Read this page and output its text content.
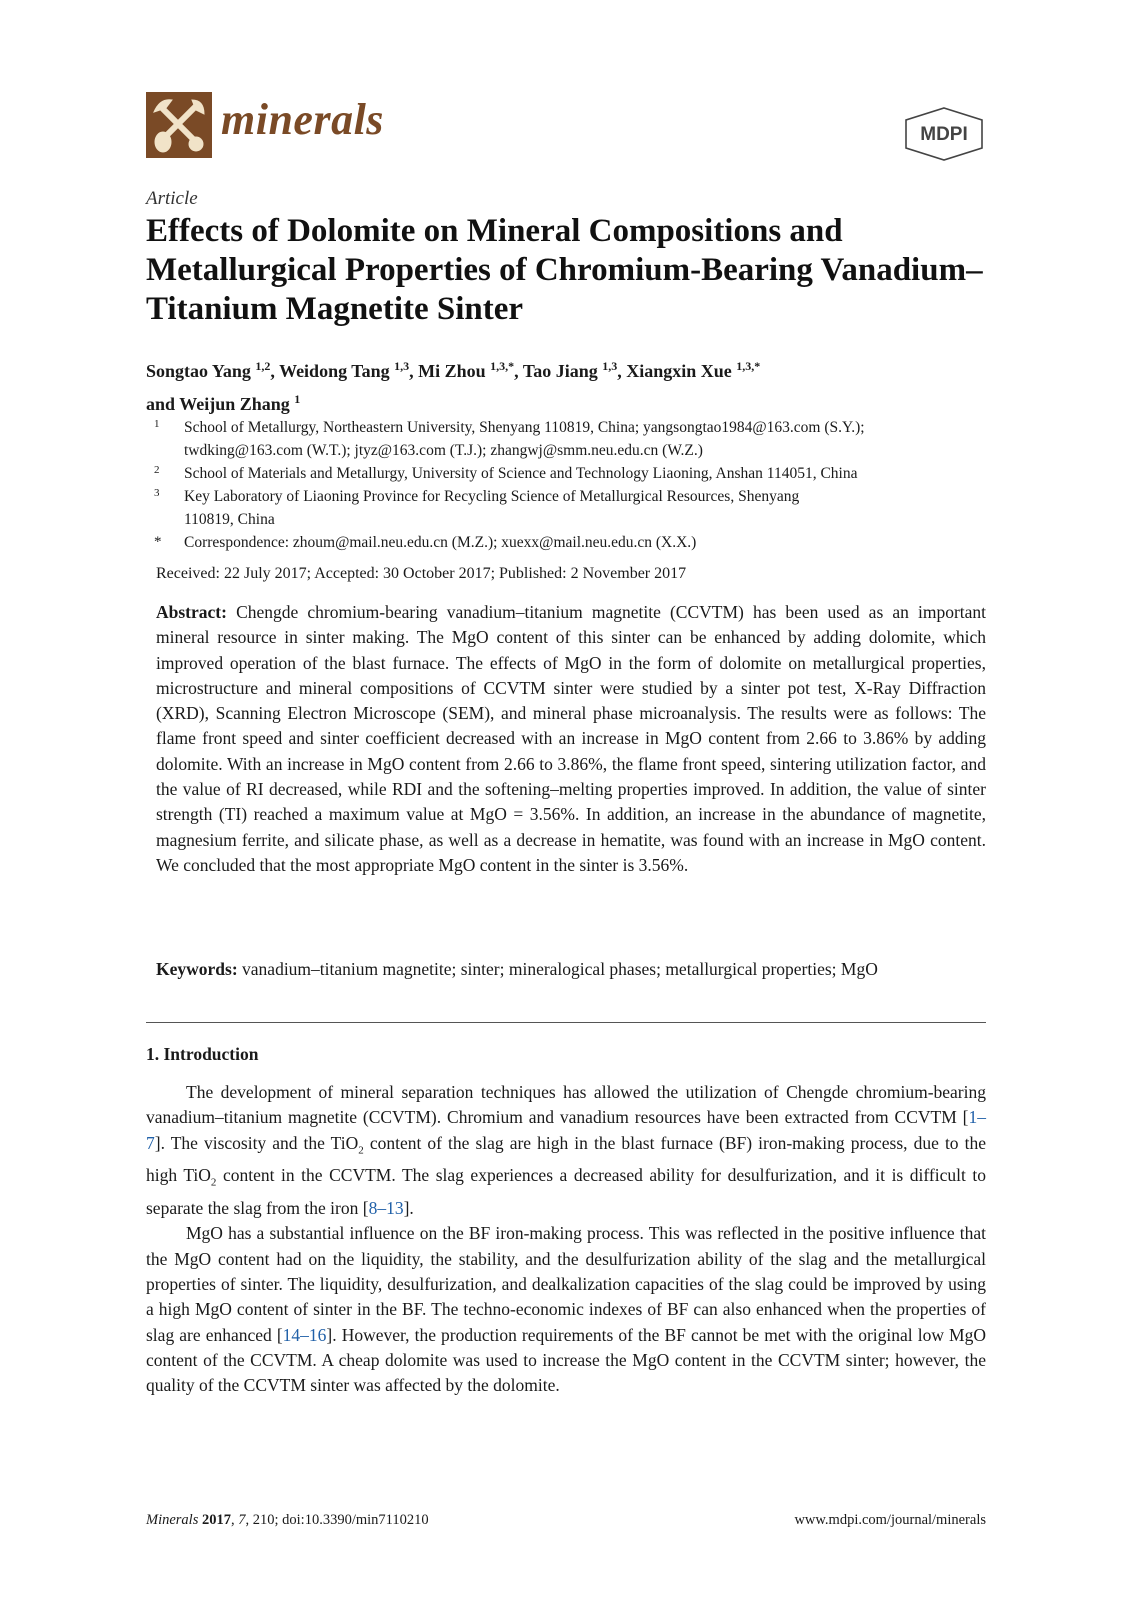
minerals	MDPI
Article
Effects of Dolomite on Mineral Compositions and Metallurgical Properties of Chromium-Bearing Vanadium–Titanium Magnetite Sinter
Songtao Yang $^{1,2}$, Weidong Tang $^{1,3}$, Mi Zhou $^{1,3,*}$, Tao Jiang $^{1,3}$, Xiangxin Xue $^{1,3,*}$
and Weijun Zhang $^1$
1 School of Metallurgy, Northeastern University, Shenyang 110819, China; yangsongtao1984@163.com (S.Y.); twdking@163.com (W.T.); jtyz@163.com (T.J.); zhangwj@smm.neu.edu.cn (W.Z.)
2 School of Materials and Metallurgy, University of Science and Technology Liaoning, Anshan 114051, China
3 Key Laboratory of Liaoning Province for Recycling Science of Metallurgical Resources, Shenyang 110819, China
* Correspondence: zhoum@mail.neu.edu.cn (M.Z.); xuexx@mail.neu.edu.cn (X.X.)
Received: 22 July 2017; Accepted: 30 October 2017; Published: 2 November 2017
Abstract: Chengde chromium-bearing vanadium–titanium magnetite (CCVTM) has been used as an important mineral resource in sinter making. The MgO content of this sinter can be enhanced by adding dolomite, which improved operation of the blast furnace. The effects of MgO in the form of dolomite on metallurgical properties, microstructure and mineral compositions of CCVTM sinter were studied by a sinter pot test, X-Ray Diffraction (XRD), Scanning Electron Microscope (SEM), and mineral phase microanalysis. The results were as follows: The flame front speed and sinter coefficient decreased with an increase in MgO content from 2.66 to 3.86% by adding dolomite. With an increase in MgO content from 2.66 to 3.86%, the flame front speed, sintering utilization factor, and the value of RI decreased, while RDI and the softening–melting properties improved. In addition, the value of sinter strength (TI) reached a maximum value at MgO = 3.56%. In addition, an increase in the abundance of magnetite, magnesium ferrite, and silicate phase, as well as a decrease in hematite, was found with an increase in MgO content. We concluded that the most appropriate MgO content in the sinter is 3.56%.
Keywords: vanadium–titanium magnetite; sinter; mineralogical phases; metallurgical properties; MgO
1. Introduction

The development of mineral separation techniques has allowed the utilization of Chengde chromium-bearing vanadium–titanium magnetite (CCVTM). Chromium and vanadium resources have been extracted from CCVTM [1–7]. The viscosity and the TiO$_2$ content of the slag are high in the blast furnace (BF) iron-making process, due to the high TiO$_2$ content in the CCVTM. The slag experiences a decreased ability for desulfurization, and it is difficult to separate the slag from the iron [8–13].

MgO has a substantial influence on the BF iron-making process. This was reflected in the positive influence that the MgO content had on the liquidity, the stability, and the desulfurization ability of the slag and the metallurgical properties of sinter. The liquidity, desulfurization, and dealkalization capacities of the slag could be improved by using a high MgO content of sinter in the BF. The techno-economic indexes of BF can also enhanced when the properties of slag are enhanced [14–16]. However, the production requirements of the BF cannot be met with the original low MgO content of the CCVTM. A cheap dolomite was used to increase the MgO content in the CCVTM sinter; however, the quality of the CCVTM sinter was affected by the dolomite.

Minerals 2017, 7, 210; doi:10.3390/min7110210	www.mdpi.com/journal/minerals
